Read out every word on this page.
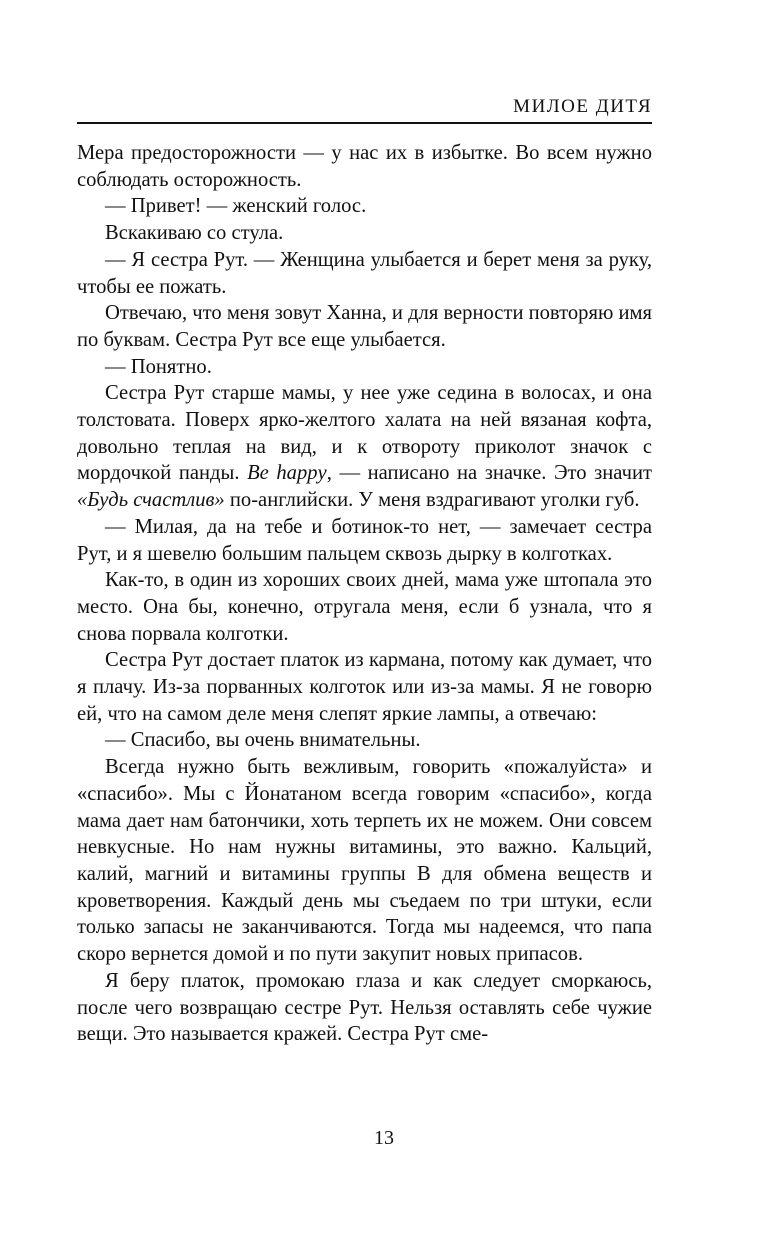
МИЛОЕ ДИТЯ

Мера предосторожности — у нас их в избытке. Во всем нужно соблюдать осторожность.

— Привет! — женский голос.

Вскакиваю со стула.

— Я сестра Рут. — Женщина улыбается и берет меня за руку, чтобы ее пожать.

Отвечаю, что меня зовут Ханна, и для верности повторяю имя по буквам. Сестра Рут все еще улыбается.

— Понятно.

Сестра Рут старше мамы, у нее уже седина в волосах, и она толстовата. Поверх ярко-желтого халата на ней вязаная кофта, довольно теплая на вид, и к отвороту приколот значок с мордочкой панды. Be happy, — написано на значке. Это значит «Будь счастлив» по-английски. У меня вздрагивают уголки губ.

— Милая, да на тебе и ботинок-то нет, — замечает сестра Рут, и я шевелю большим пальцем сквозь дырку в колготках.

Как-то, в один из хороших своих дней, мама уже штопала это место. Она бы, конечно, отругала меня, если б узнала, что я снова порвала колготки.

Сестра Рут достает платок из кармана, потому как думает, что я плачу. Из-за порванных колготок или из-за мамы. Я не говорю ей, что на самом деле меня слепят яркие лампы, а отвечаю:

— Спасибо, вы очень внимательны.

Всегда нужно быть вежливым, говорить «пожалуйста» и «спасибо». Мы с Йонатаном всегда говорим «спасибо», когда мама дает нам батончики, хоть терпеть их не можем. Они совсем невкусные. Но нам нужны витамины, это важно. Кальций, калий, магний и витамины группы B для обмена веществ и кроветворения. Каждый день мы съедаем по три штуки, если только запасы не заканчиваются. Тогда мы надеемся, что папа скоро вернется домой и по пути закупит новых припасов.

Я беру платок, промокаю глаза и как следует сморкаюсь, после чего возвращаю сестре Рут. Нельзя оставлять себе чужие вещи. Это называется кражей. Сестра Рут сме-

13
